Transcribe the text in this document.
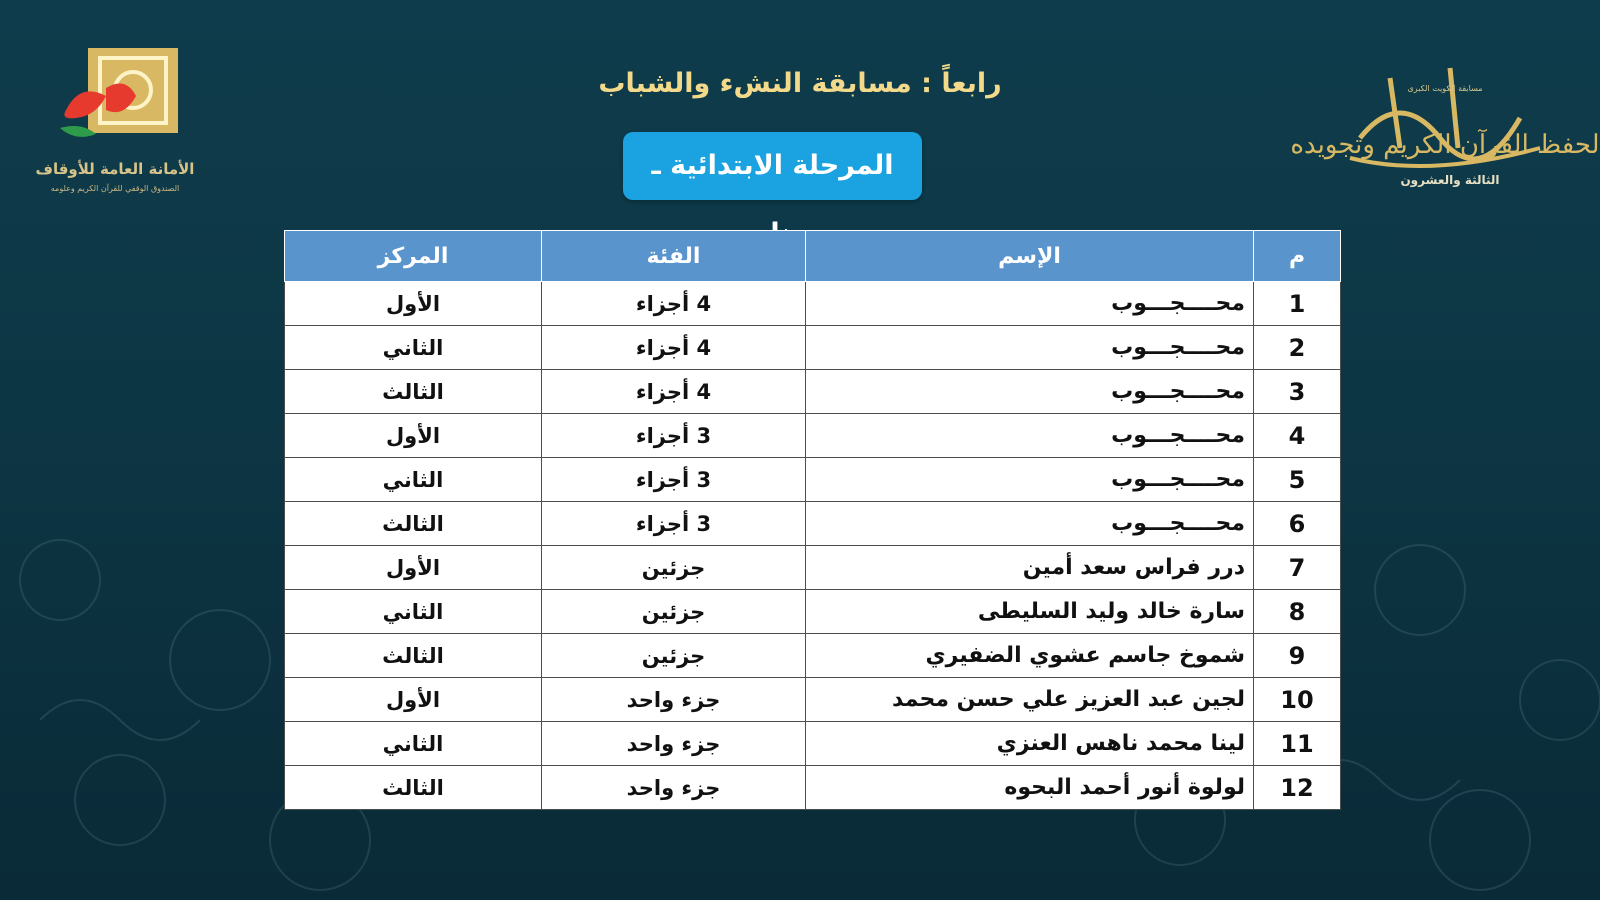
الأمانة العامة للأوقاف
الصندوق الوقفي للقرآن الكريم وعلومه
لحفظ القرآن الكريم وتجويده
مسابقة الكويت الكبرى
الثالثة والعشرون
رابعاً : مسابقة النشء والشباب
المرحلة الابتدائية ـ
م	الإسم	الفئة	المركز
1	محــــجـــوب	4 أجزاء	الأول
2	محــــجـــوب	4 أجزاء	الثاني
3	محــــجـــوب	4 أجزاء	الثالث
4	محــــجـــوب	3 أجزاء	الأول
5	محــــجـــوب	3 أجزاء	الثاني
6	محــــجـــوب	3 أجزاء	الثالث
7	درر فراس سعد أمين	جزئين	الأول
8	سارة خالد وليد السليطى	جزئين	الثاني
9	شموخ جاسم عشوي الضفيري	جزئين	الثالث
10	لجين عبد العزيز علي حسن محمد	جزء واحد	الأول
11	لينا محمد ناهس العنزي	جزء واحد	الثاني
12	لولوة أنور أحمد البحوه	جزء واحد	الثالث
